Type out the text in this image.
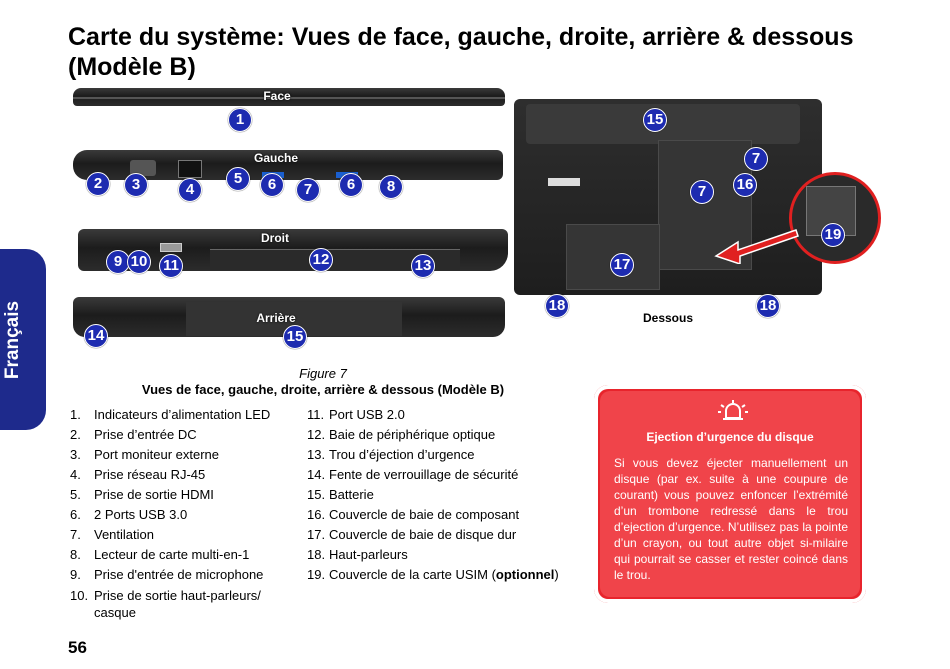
Carte du système: Vues de face, gauche, droite, arrière & dessous
(Modèle B)
Français
Face
1
Gauche
2	3	4
5	6	7	6	8
Droit
9 10 11	12	13
Arrière
14	15
Dessous
15
7
16
7
19
17
18	18
Figure 7
Vues de face, gauche, droite, arrière & dessous (Modèle B)
1. Indicateurs d’alimentation LED
2. Prise d’entrée DC
3. Port moniteur externe
4. Prise réseau RJ-45
5. Prise de sortie HDMI
6. 2 Ports USB 3.0
7. Ventilation
8. Lecteur de carte multi-en-1
9. Prise d'entrée de microphone
10. Prise de sortie haut-parleurs/ casque
11. Port USB 2.0
12. Baie de périphérique optique
13. Trou d’éjection d’urgence
14. Fente de verrouillage de sécurité
15. Batterie
16. Couvercle de baie de composant
17. Couvercle de baie de disque dur
18. Haut-parleurs
19. Couvercle de la carte USIM (optionnel)
Ejection d’urgence du disque
Si vous devez éjecter manuellement un disque (par ex. suite à une coupure de courant) vous pouvez enfoncer l’extrémité d’un trombone redressé dans le trou d’ejection d’urgence. N’utilisez pas la pointe d’un crayon, ou tout autre objet si-milaire qui pourrait se casser et rester coincé dans le trou.
56
